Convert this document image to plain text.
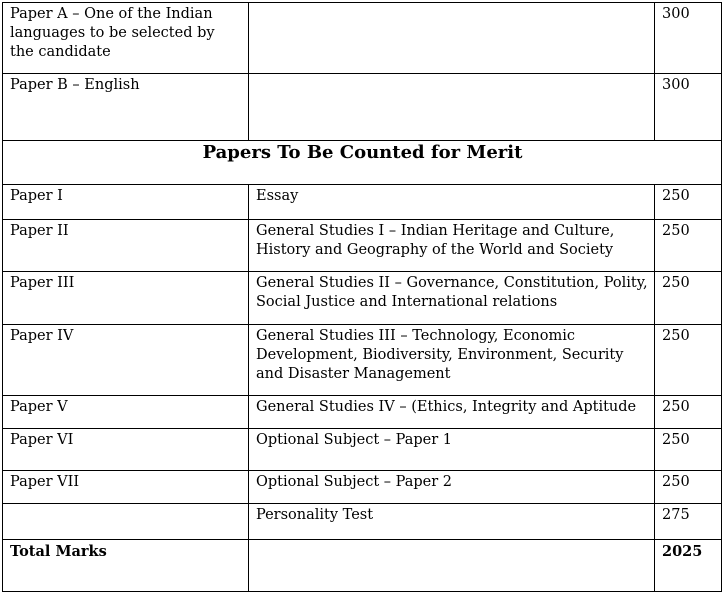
Paper A – One of the Indian languages to be selected by the candidate		300
Paper B – English		300
Papers To Be Counted for Merit		
Paper I	Essay	250
Paper II	General Studies I – Indian Heritage and Culture, History and Geography of the World and Society	250
Paper III	General Studies II – Governance, Constitution, Polity, Social Justice and International relations	250
Paper IV	General Studies III – Technology, Economic Development, Biodiversity, Environment, Security and Disaster Management	250
Paper V	General Studies IV – (Ethics, Integrity and Aptitude	250
Paper VI	Optional Subject – Paper 1	250
Paper VII	Optional Subject – Paper 2	250
	Personality Test	275
Total Marks		2025
